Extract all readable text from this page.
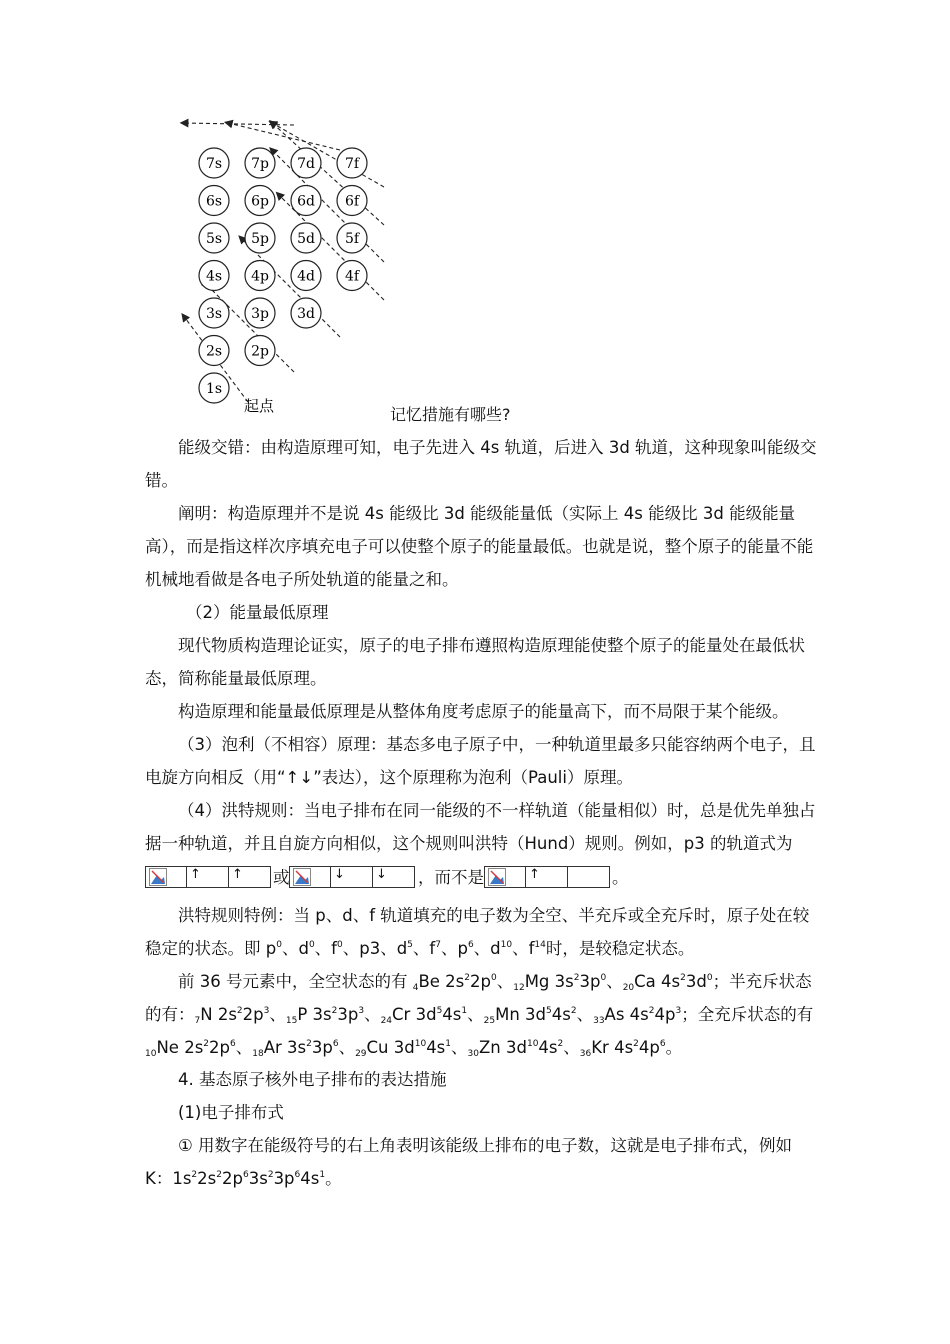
7s 7p 7d 7f
6s 6p 6d 6f
5s 5p 5d 5f
4s 4p 4d 4f
3s 3p 3d
2s 2p
1s
起点	记忆措施有哪些?

能级交错：由构造原理可知，电子先进入 4s 轨道，后进入 3d 轨道，这种现象叫能级交错。

阐明：构造原理并不是说 4s 能级比 3d 能级能量低（实际上 4s 能级比 3d 能级能量高），而是指这样次序填充电子可以使整个原子的能量最低。也就是说，整个原子的能量不能机械地看做是各电子所处轨道的能量之和。

（2）能量最低原理

现代物质构造理论证实，原子的电子排布遵照构造原理能使整个原子的能量处在最低状态，简称能量最低原理。

构造原理和能量最低原理是从整体角度考虑原子的能量高下，而不局限于某个能级。

（3）泡利（不相容）原理：基态多电子原子中，一种轨道里最多只能容纳两个电子，且电旋方向相反（用“↑↓”表达），这个原理称为泡利（Pauli）原理。

（4）洪特规则：当电子排布在同一能级的不一样轨道（能量相似）时，总是优先单独占据一种轨道，并且自旋方向相似，这个规则叫洪特（Hund）规则。例如，p3 的轨道式为

↑	↑	或	↓	↓	，而不是	↑	。

洪特规则特例：当 p、d、f 轨道填充的电子数为全空、半充斥或全充斥时，原子处在较稳定的状态。即 $p^0$、$d^0$、$f^0$、p3、$d^5$、$f^7$、$p^6$、$d^{10}$、$f^{14}$时，是较稳定状态。

前 36 号元素中，全空状态的有 $_4$Be $2s^22p^0$、$_{12}$Mg $3s^23p^0$、$_{20}$Ca $4s^23d^0$；半充斥状态的有：$_7$N $2s^22p^3$、$_{15}$P $3s^23p^3$、$_{24}$Cr $3d^54s^1$、$_{25}$Mn $3d^54s^2$、$_{33}$As $4s^24p^3$；全充斥状态的有 $_{10}$Ne $2s^22p^6$、$_{18}$Ar $3s^23p^6$、$_{29}$Cu $3d^{10}4s^1$、$_{30}$Zn $3d^{10}4s^2$、$_{36}$Kr $4s^24p^6$。

4. 基态原子核外电子排布的表达措施

(1)电子排布式

① 用数字在能级符号的右上角表明该能级上排布的电子数，这就是电子排布式，例如 K：$1s^22s^22p^63s^23p^64s^1$。
